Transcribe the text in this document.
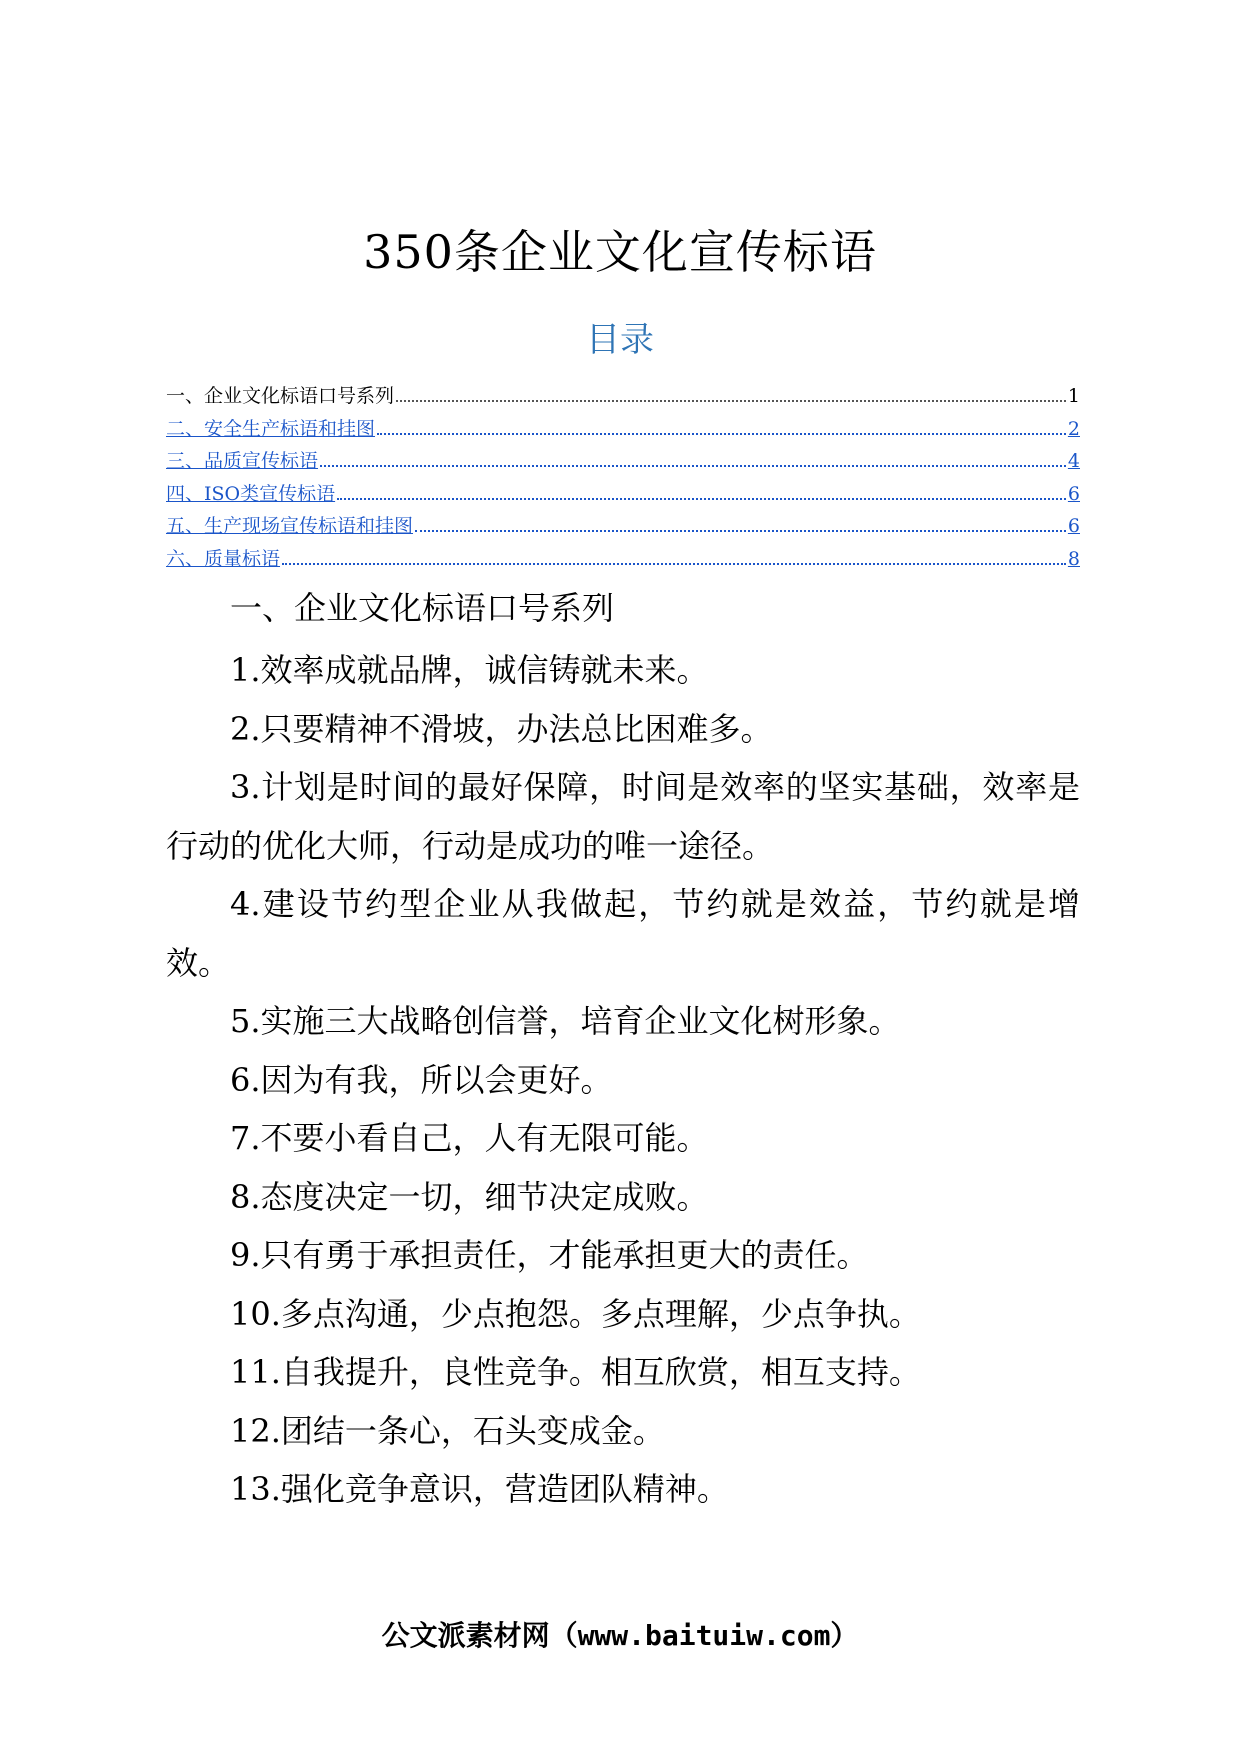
350条企业文化宣传标语
目录
一、企业文化标语口号系列	1
二、安全生产标语和挂图	2
三、品质宣传标语	4
四、ISO类宣传标语	6
五、生产现场宣传标语和挂图	6
六、质量标语	8

一、企业文化标语口号系列

1.效率成就品牌，诚信铸就未来。

2.只要精神不滑坡，办法总比困难多。

3.计划是时间的最好保障，时间是效率的坚实基础，效率是行动的优化大师，行动是成功的唯一途径。

4.建设节约型企业从我做起，节约就是效益，节约就是增效。

5.实施三大战略创信誉，培育企业文化树形象。

6.因为有我，所以会更好。

7.不要小看自己，人有无限可能。

8.态度决定一切，细节决定成败。

9.只有勇于承担责任，才能承担更大的责任。

10.多点沟通，少点抱怨。多点理解，少点争执。

11.自我提升，良性竞争。相互欣赏，相互支持。

12.团结一条心，石头变成金。

13.强化竞争意识，营造团队精神。

公文派素材网（www.baituiw.com）
